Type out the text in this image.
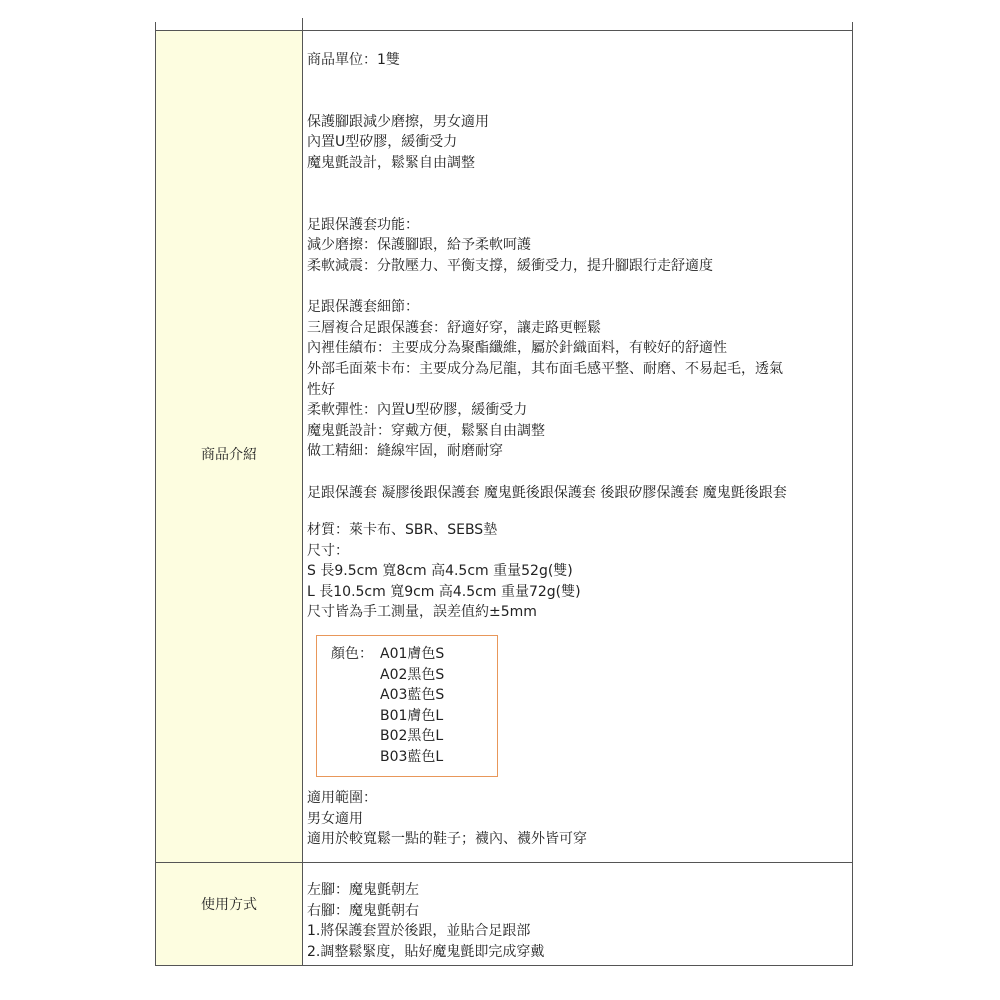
商品介紹
使用方式
商品單位：1雙
保護腳跟減少磨擦，男女適用
內置U型矽膠，緩衝受力
魔鬼氈設計，鬆緊自由調整
足跟保護套功能：
減少磨擦：保護腳跟，給予柔軟呵護
柔軟減震：分散壓力、平衡支撐，緩衝受力，提升腳跟行走舒適度
足跟保護套細節：
三層複合足跟保護套：舒適好穿，讓走路更輕鬆
內裡佳績布：主要成分為聚酯纖維，屬於針織面料，有較好的舒適性
外部毛面萊卡布：主要成分為尼龍，其布面毛感平整、耐磨、不易起毛，透氣
性好
柔軟彈性：內置U型矽膠，緩衝受力
魔鬼氈設計：穿戴方便，鬆緊自由調整
做工精細：縫線牢固，耐磨耐穿
足跟保護套 凝膠後跟保護套 魔鬼氈後跟保護套 後跟矽膠保護套 魔鬼氈後跟套
材質：萊卡布、SBR、SEBS墊
尺寸：
S 長9.5cm 寬8cm 高4.5cm 重量52g(雙)
L 長10.5cm 寬9cm 高4.5cm 重量72g(雙)
尺寸皆為手工測量，誤差值約±5mm
顏色： A01膚色S
A02黑色S
A03藍色S
B01膚色L
B02黑色L
B03藍色L
適用範圍：
男女適用
適用於較寬鬆一點的鞋子；襪內、襪外皆可穿
左腳：魔鬼氈朝左
右腳：魔鬼氈朝右
1.將保護套置於後跟，並貼合足跟部
2.調整鬆緊度，貼好魔鬼氈即完成穿戴
